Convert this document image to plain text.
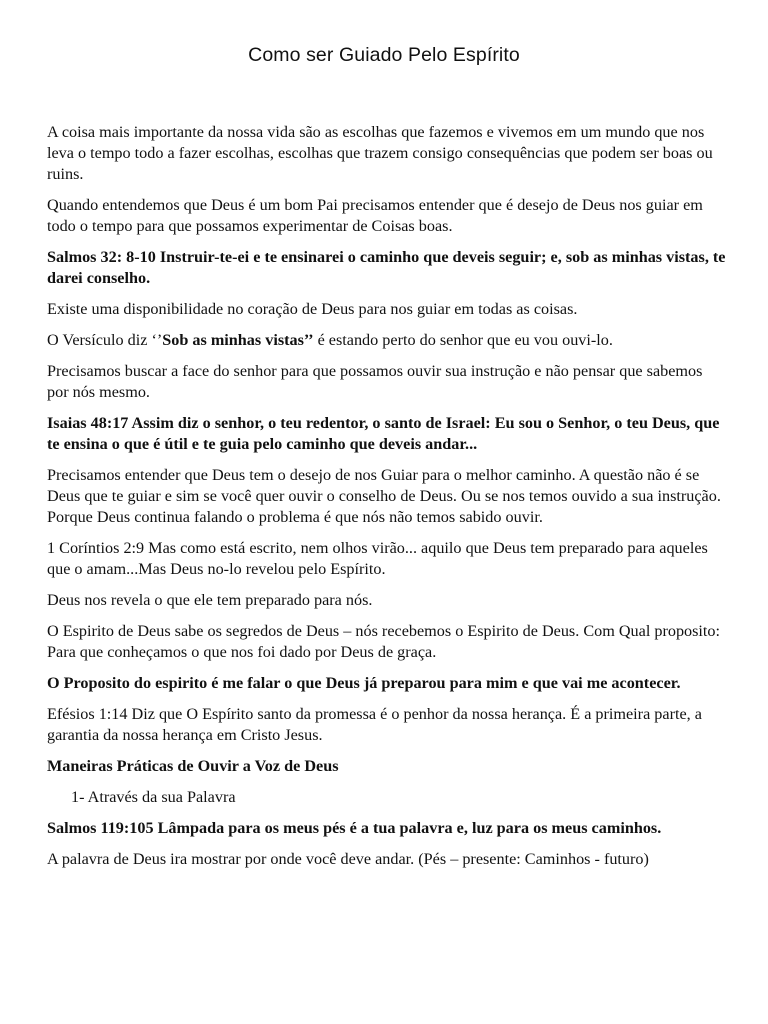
Como ser Guiado Pelo Espírito

A coisa mais importante da nossa vida são as escolhas que fazemos e vivemos em um mundo que nos leva o tempo todo a fazer escolhas, escolhas que trazem consigo consequências que podem ser boas ou ruins.

Quando entendemos que Deus é um bom Pai precisamos entender que é desejo de Deus nos guiar em todo o tempo para que possamos experimentar de Coisas boas.

Salmos 32: 8-10 Instruir-te-ei e te ensinarei o caminho que deveis seguir; e, sob as minhas vistas, te darei conselho.

Existe uma disponibilidade no coração de Deus para nos guiar em todas as coisas.

O Versículo diz ‘’Sob as minhas vistas’’ é estando perto do senhor que eu vou ouvi-lo.

Precisamos buscar a face do senhor para que possamos ouvir sua instrução e não pensar que sabemos por nós mesmo.

Isaias 48:17 Assim diz o senhor, o teu redentor, o santo de Israel: Eu sou o Senhor, o teu Deus, que te ensina o que é útil e te guia pelo caminho que deveis andar...

Precisamos entender que Deus tem o desejo de nos Guiar para o melhor caminho. A questão não é se Deus que te guiar e sim se você quer ouvir o conselho de Deus. Ou se nos temos ouvido a sua instrução. Porque Deus continua falando o problema é que nós não temos sabido ouvir.

1 Coríntios 2:9 Mas como está escrito, nem olhos virão... aquilo que Deus tem preparado para aqueles que o amam...Mas Deus no-lo revelou pelo Espírito.

Deus nos revela o que ele tem preparado para nós.

O Espirito de Deus sabe os segredos de Deus – nós recebemos o Espirito de Deus. Com Qual proposito: Para que conheçamos o que nos foi dado por Deus de graça.

O Proposito do espirito é me falar o que Deus já preparou para mim e que vai me acontecer.

Efésios 1:14 Diz que O Espírito santo da promessa é o penhor da nossa herança. É a primeira parte, a garantia da nossa herança em Cristo Jesus.

Maneiras Práticas de Ouvir a Voz de Deus

1- Através da sua Palavra

Salmos 119:105 Lâmpada para os meus pés é a tua palavra e, luz para os meus caminhos.

A palavra de Deus ira mostrar por onde você deve andar. (Pés – presente: Caminhos - futuro)
